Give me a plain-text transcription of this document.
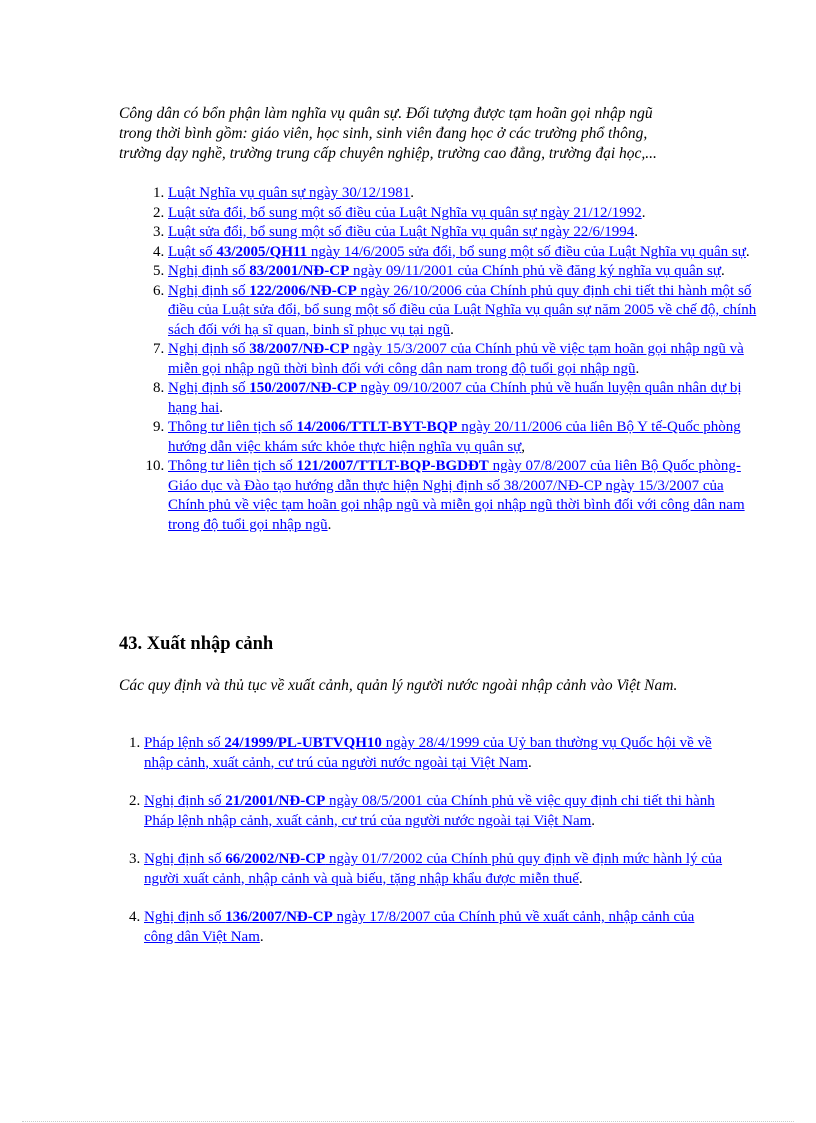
Công dân có bổn phận làm nghĩa vụ quân sự. Đối tượng được tạm hoãn gọi nhập ngũ trong thời bình gồm: giáo viên, học sinh, sinh viên đang học ở các trường phổ thông, trường dạy nghề, trường trung cấp chuyên nghiệp, trường cao đẳng, trường đại học,...

1. Luật Nghĩa vụ quân sự ngày 30/12/1981.
2. Luật sửa đổi, bổ sung một số điều của Luật Nghĩa vụ quân sự ngày 21/12/1992.
3. Luật sửa đổi, bổ sung một số điều của Luật Nghĩa vụ quân sự ngày 22/6/1994.
4. Luật số 43/2005/QH11 ngày 14/6/2005 sửa đổi, bổ sung một số điều của Luật Nghĩa vụ quân sự.
5. Nghị định số 83/2001/NĐ-CP ngày 09/11/2001 của Chính phủ về đăng ký nghĩa vụ quân sự.
6. Nghị định số 122/2006/NĐ-CP ngày 26/10/2006 của Chính phủ quy định chi tiết thi hành một số điều của Luật sửa đổi, bổ sung một số điều của Luật Nghĩa vụ quân sự năm 2005 về chế độ, chính sách đối với hạ sĩ quan, binh sĩ phục vụ tại ngũ.
7. Nghị định số 38/2007/NĐ-CP ngày 15/3/2007 của Chính phủ về việc tạm hoãn gọi nhập ngũ và miễn gọi nhập ngũ thời bình đối với công dân nam trong độ tuổi gọi nhập ngũ.
8. Nghị định số 150/2007/NĐ-CP ngày 09/10/2007 của Chính phủ về huấn luyện quân nhân dự bị hạng hai.
9. Thông tư liên tịch số 14/2006/TTLT-BYT-BQP ngày 20/11/2006 của liên Bộ Y tế-Quốc phòng hướng dẫn việc khám sức khỏe thực hiện nghĩa vụ quân sự,
10. Thông tư liên tịch số 121/2007/TTLT-BQP-BGDĐT ngày 07/8/2007 của liên Bộ Quốc phòng-Giáo dục và Đào tạo hướng dẫn thực hiện Nghị định số 38/2007/NĐ-CP ngày 15/3/2007 của Chính phủ về việc tạm hoãn gọi nhập ngũ và miễn gọi nhập ngũ thời bình đối với công dân nam trong độ tuổi gọi nhập ngũ.
43. Xuất nhập cảnh

Các quy định và thủ tục về xuất cảnh, quản lý người nước ngoài nhập cảnh vào Việt Nam.

1. Pháp lệnh số 24/1999/PL-UBTVQH10 ngày 28/4/1999 của Uỷ ban thường vụ Quốc hội về về nhập cảnh, xuất cảnh, cư trú của người nước ngoài tại Việt Nam.
2. Nghị định số 21/2001/NĐ-CP ngày 08/5/2001 của Chính phủ về việc quy định chi tiết thi hành Pháp lệnh nhập cảnh, xuất cảnh, cư trú của người nước ngoài tại Việt Nam.
3. Nghị định số 66/2002/NĐ-CP ngày 01/7/2002 của Chính phủ quy định về định mức hành lý của người xuất cảnh, nhập cảnh và quà biếu, tặng nhập khẩu được miễn thuế.
4. Nghị định số 136/2007/NĐ-CP ngày 17/8/2007 của Chính phủ về xuất cảnh, nhập cảnh của công dân Việt Nam.
